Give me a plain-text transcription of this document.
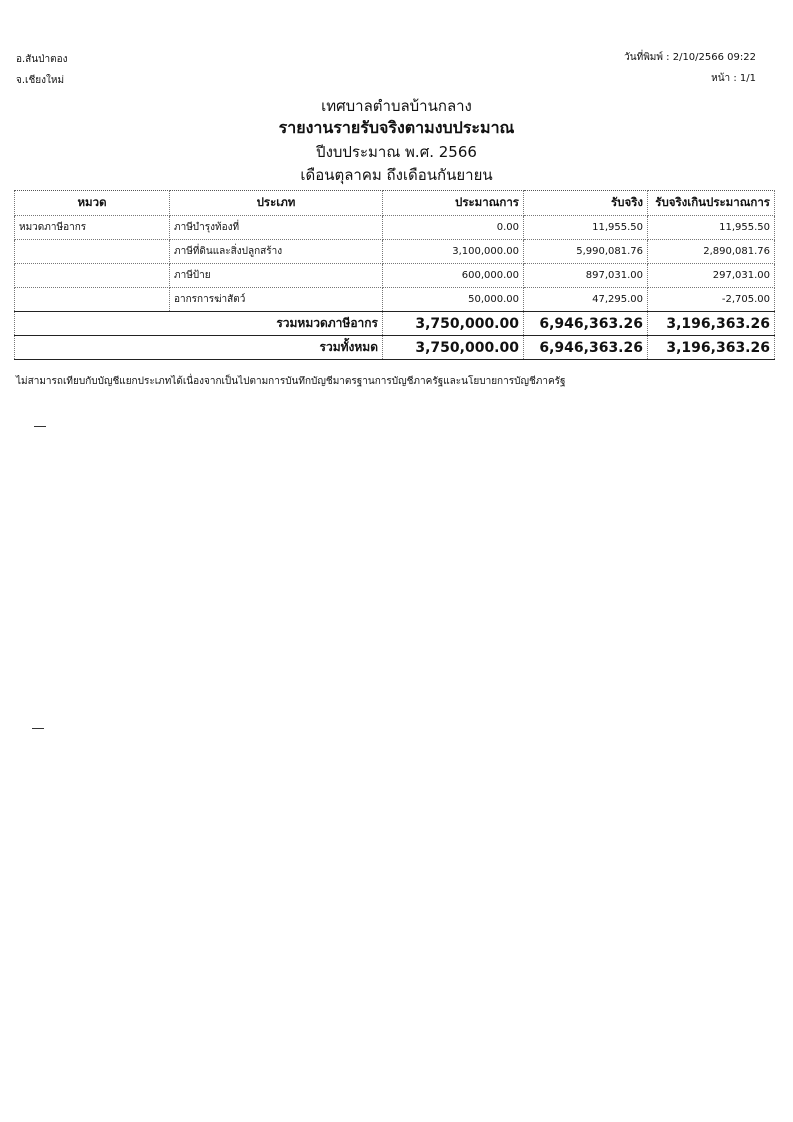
อ.สันป่าตอง
จ.เชียงใหม่
วันที่พิมพ์ : 2/10/2566 09:22
หน้า : 1/1
เทศบาลตำบลบ้านกลาง
รายงานรายรับจริงตามงบประมาณ
ปีงบประมาณ พ.ศ. 2566
เดือนตุลาคม ถึงเดือนกันยายน
หมวด	ประเภท	ประมาณการ	รับจริง	รับจริงเกินประมาณการ
หมวดภาษีอากร	ภาษีบำรุงท้องที่	0.00	11,955.50	11,955.50
	ภาษีที่ดินและสิ่งปลูกสร้าง	3,100,000.00	5,990,081.76	2,890,081.76
	ภาษีป้าย	600,000.00	897,031.00	297,031.00
	อากรการฆ่าสัตว์	50,000.00	47,295.00	-2,705.00
รวมหมวดภาษีอากร		3,750,000.00	6,946,363.26	3,196,363.26
รวมทั้งหมด		3,750,000.00	6,946,363.26	3,196,363.26
ไม่สามารถเทียบกับบัญชีแยกประเภทได้เนื่องจากเป็นไปตามการบันทึกบัญชีมาตรฐานการบัญชีภาครัฐและนโยบายการบัญชีภาครัฐ
